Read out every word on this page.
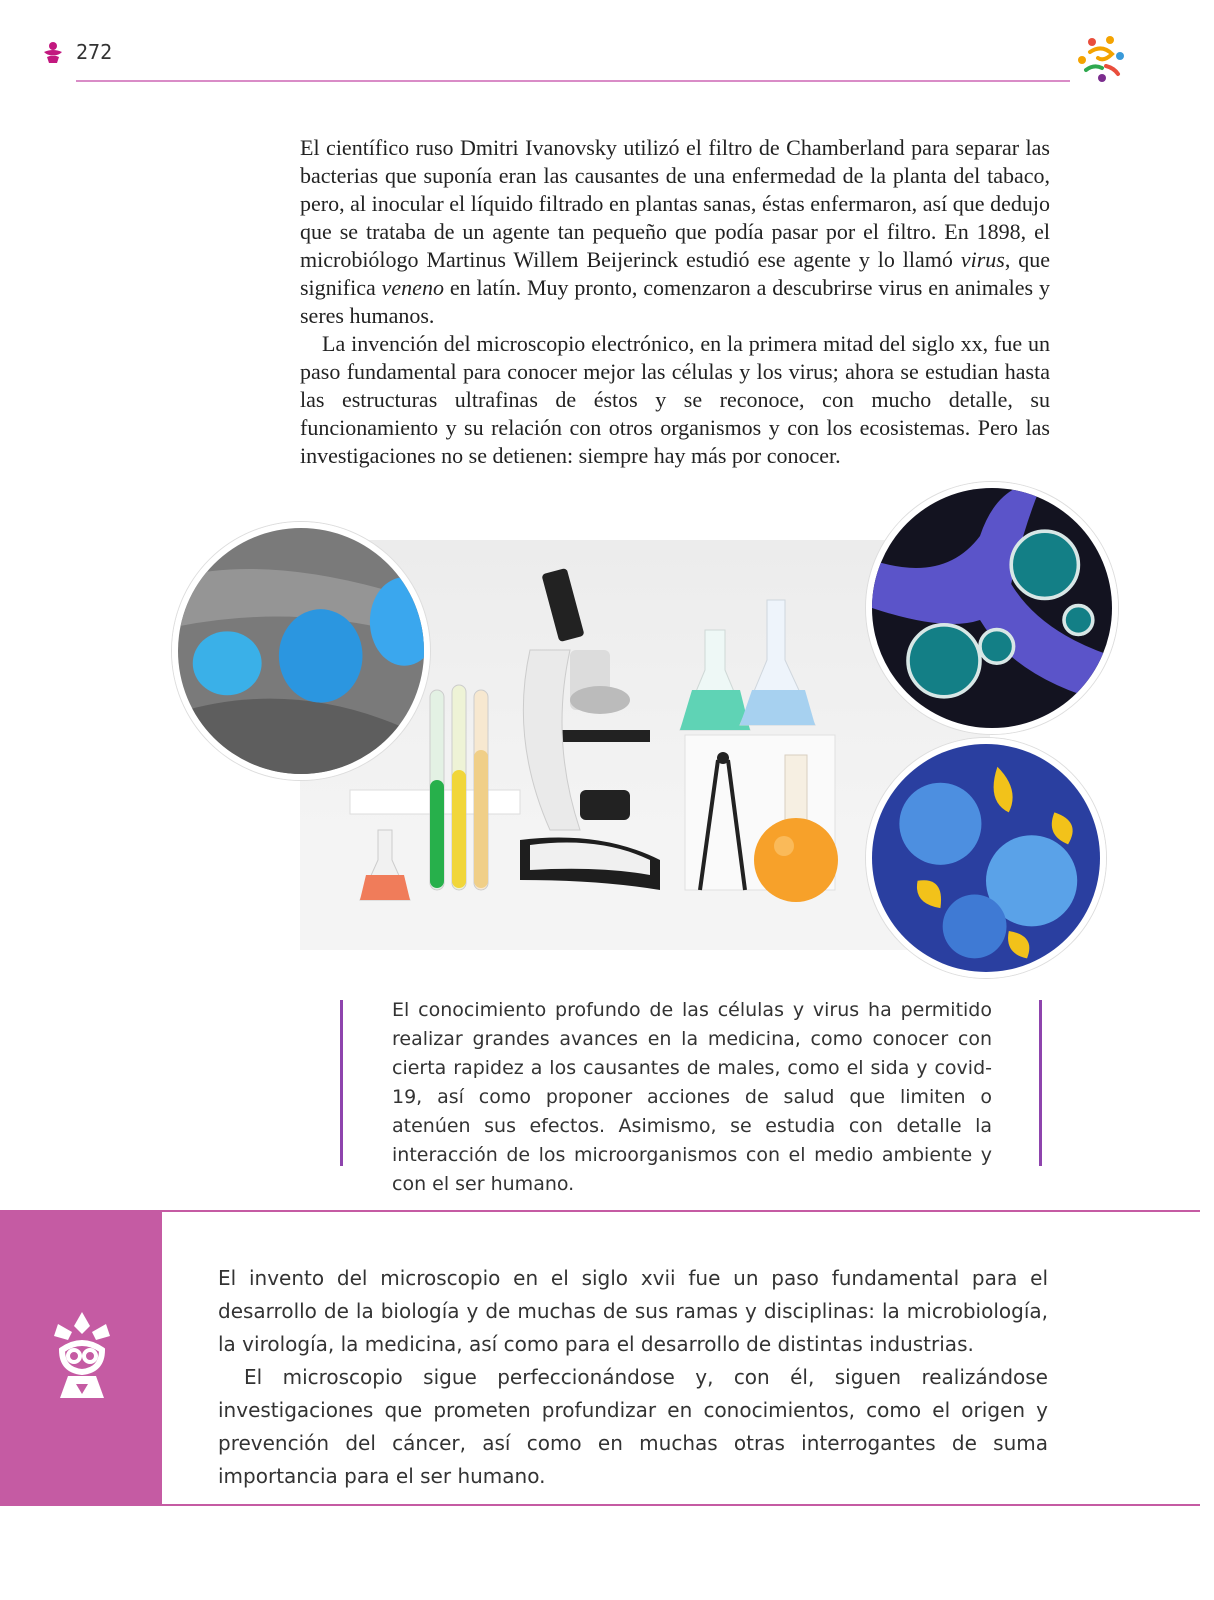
272

El científico ruso Dmitri Ivanovsky utilizó el filtro de Chamberland para separar las bacterias que suponía eran las causantes de una enfermedad de la planta del tabaco, pero, al inocular el líquido filtrado en plantas sanas, éstas enfermaron, así que dedujo que se trataba de un agente tan pequeño que podía pasar por el filtro. En 1898, el microbiólogo Martinus Willem Beijerinck estudió ese agente y lo llamó virus, que significa veneno en latín. Muy pronto, comenzaron a descubrirse virus en animales y seres humanos.

La invención del microscopio electrónico, en la primera mitad del siglo xx, fue un paso fundamental para conocer mejor las células y los virus; ahora se estudian hasta las estructuras ultrafinas de éstos y se reconoce, con mucho detalle, su funcionamiento y su relación con otros organismos y con los ecosistemas. Pero las investigaciones no se detienen: siempre hay más por conocer.

El conocimiento profundo de las células y virus ha permitido realizar grandes avances en la medicina, como conocer con cierta rapidez a los causantes de males, como el sida y covid-19, así como proponer acciones de salud que limiten o atenúen sus efectos. Asimismo, se estudia con detalle la interacción de los microorganismos con el medio ambiente y con el ser humano.

El invento del microscopio en el siglo xvii fue un paso fundamental para el desarrollo de la biología y de muchas de sus ramas y disciplinas: la microbiología, la virología, la medicina, así como para el desarrollo de distintas industrias.

El microscopio sigue perfeccionándose y, con él, siguen realizándose investigaciones que prometen profundizar en conocimientos, como el origen y prevención del cáncer, así como en muchas otras interrogantes de suma importancia para el ser humano.
